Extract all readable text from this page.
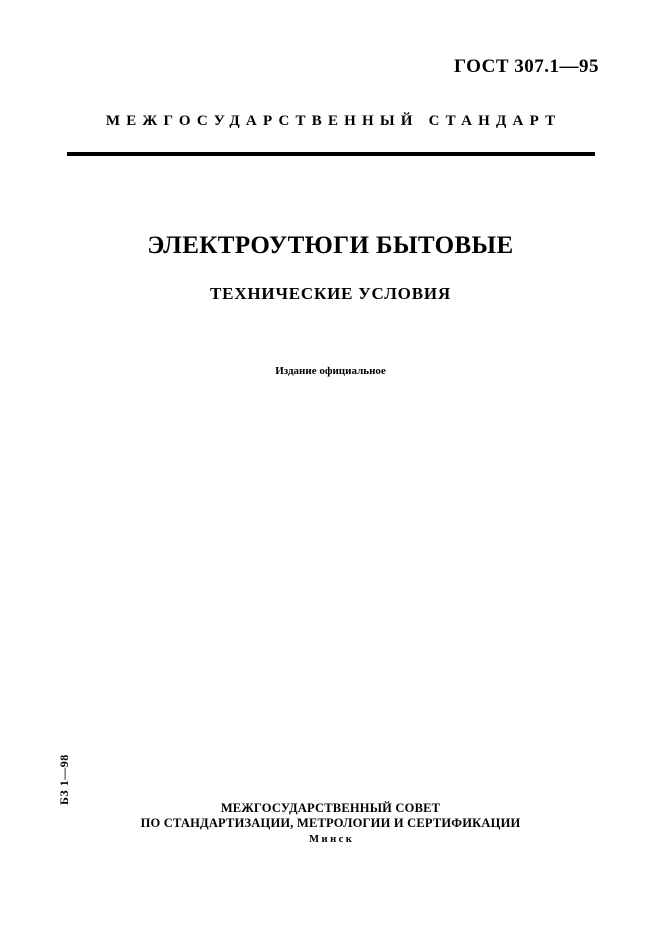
ГОСТ 307.1—95
МЕЖГОСУДАРСТВЕННЫЙ СТАНДАРТ
ЭЛЕКТРОУТЮГИ БЫТОВЫЕ
ТЕХНИЧЕСКИЕ УСЛОВИЯ
Издание официальное
БЗ 1—98
МЕЖГОСУДАРСТВЕННЫЙ СОВЕТ
ПО СТАНДАРТИЗАЦИИ, МЕТРОЛОГИИ И СЕРТИФИКАЦИИ
Минск
